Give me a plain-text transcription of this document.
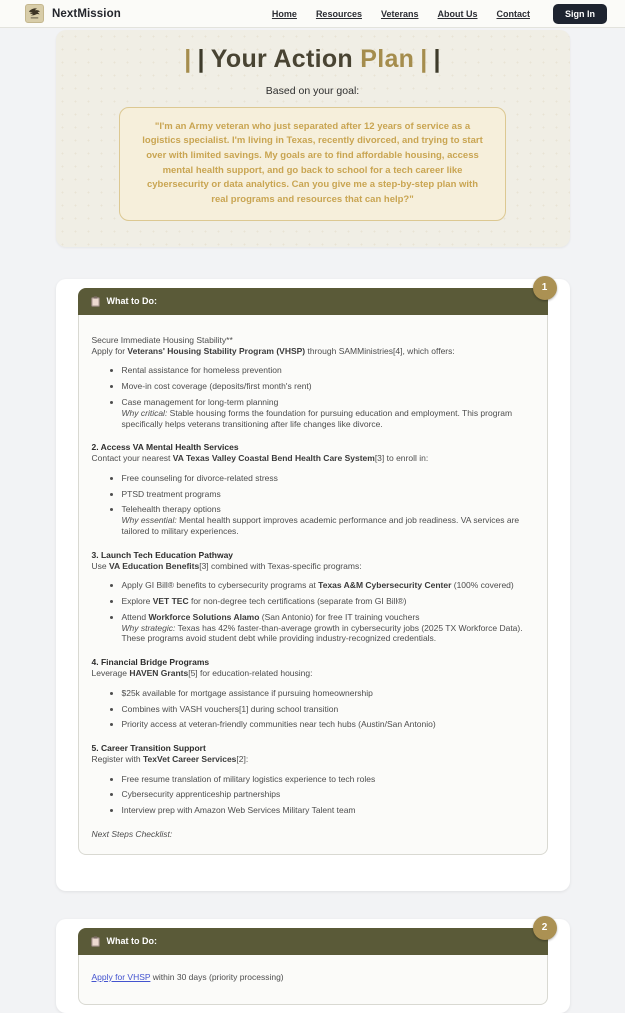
NextMission	Home Resources Veterans About Us Contact	Sign In
| | Your Action Plan | |
Based on your goal:
"I'm an Army veteran who just separated after 12 years of service as a logistics specialist. I'm living in Texas, recently divorced, and trying to start over with limited savings. My goals are to find affordable housing, access mental health support, and go back to school for a tech career like cybersecurity or data analytics. Can you give me a step-by-step plan with real programs and resources that can help?"
What to Do:
1
Secure Immediate Housing Stability**
Apply for Veterans' Housing Stability Program (VHSP) through SAMMinistries[4], which offers:
• Rental assistance for homeless prevention
• Move-in cost coverage (deposits/first month's rent)
• Case management for long-term planning
Why critical: Stable housing forms the foundation for pursuing education and employment. This program specifically helps veterans transitioning after life changes like divorce.
2. Access VA Mental Health Services
Contact your nearest VA Texas Valley Coastal Bend Health Care System[3] to enroll in:
• Free counseling for divorce-related stress
• PTSD treatment programs
• Telehealth therapy options
Why essential: Mental health support improves academic performance and job readiness. VA services are tailored to military experiences.
3. Launch Tech Education Pathway
Use VA Education Benefits[3] combined with Texas-specific programs:
• Apply GI Bill® benefits to cybersecurity programs at Texas A&M Cybersecurity Center (100% covered)
• Explore VET TEC for non-degree tech certifications (separate from GI Bill®)
• Attend Workforce Solutions Alamo (San Antonio) for free IT training vouchers
Why strategic: Texas has 42% faster-than-average growth in cybersecurity jobs (2025 TX Workforce Data). These programs avoid student debt while providing industry-recognized credentials.
4. Financial Bridge Programs
Leverage HAVEN Grants[5] for education-related housing:
• $25k available for mortgage assistance if pursuing homeownership
• Combines with VASH vouchers[1] during school transition
• Priority access at veteran-friendly communities near tech hubs (Austin/San Antonio)
5. Career Transition Support
Register with TexVet Career Services[2]:
• Free resume translation of military logistics experience to tech roles
• Cybersecurity apprenticeship partnerships
• Interview prep with Amazon Web Services Military Talent team
Next Steps Checklist:
What to Do:
2
Apply for VHSP within 30 days (priority processing)
